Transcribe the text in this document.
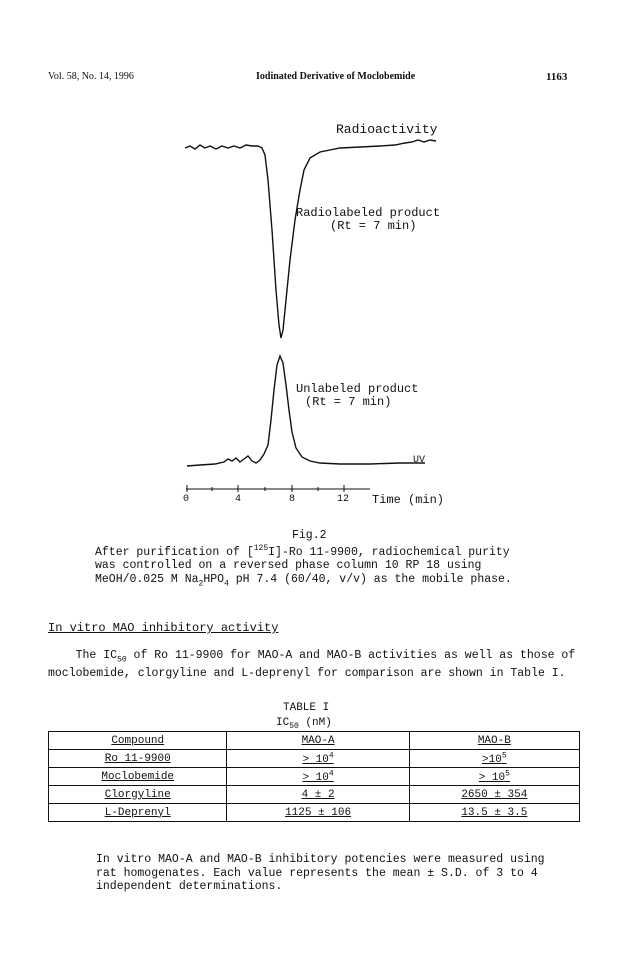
Vol. 58, No. 14, 1996	Iodinated Derivative of Moclobemide	1163
Radioactivity
Radiolabeled product
(Rt = 7 min)
Unlabeled product
(Rt = 7 min)
UV
0	4	8	12 Time (min)
Fig.2
After purification of [$^{125}$I]-Ro 11-9900, radiochemical purity was controlled on a reversed phase column 10 RP 18 using MeOH/0.025 M $Na_2HPO_4$ pH 7.4 (60/40, v/v) as the mobile phase.
In vitro MAO inhibitory activity
The $IC_{50}$ of Ro 11-9900 for MAO-A and MAO-B activities as well as those of moclobemide, clorgyline and L-deprenyl for comparison are shown in Table I.
TABLE I
$IC_{50}$ (nM)
Compound	MAO-A	MAO-B
Ro 11-9900	> $10^4$	$>10^5$
Moclobemide	> $10^4$	> $10^5$
Clorgyline	4 ± 2	2650 ± 354
L-Deprenyl	1125 ± 106	13.5 ± 3.5
In vitro MAO-A and MAO-B inhibitory potencies were measured using rat homogenates. Each value represents the mean ± S.D. of 3 to 4 independent determinations.
